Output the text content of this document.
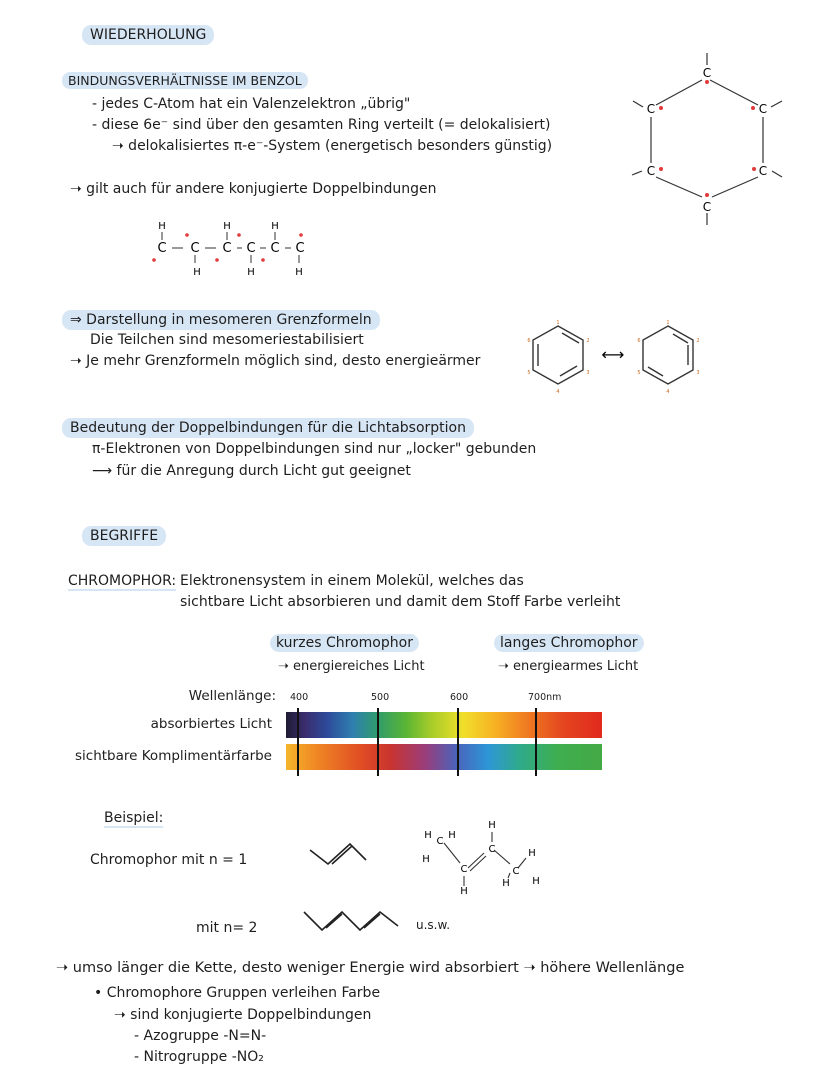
WIEDERHOLUNG
BINDUNGSVERHÄLTNISSE IM BENZOL
- jedes C-Atom hat ein Valenzelektron „übrig"
- diese 6e⁻ sind über den gesamten Ring verteilt (= delokalisiert)
➝ delokalisiertes π-e⁻-System (energetisch besonders günstig)
➝ gilt auch für andere konjugierte Doppelbindungen
C
C	C
C	C
C
H	H	H
C C C C C C
H	H	H
⇒ Darstellung in mesomeren Grenzformeln
Die Teilchen sind mesomeriestabilisiert
➝ Je mehr Grenzformeln möglich sind, desto energieärmer	⟷
1
2
3
4
5
6
1
2
3
4
5
6
Bedeutung der Doppelbindungen für die Lichtabsorption
π-Elektronen von Doppelbindungen sind nur „locker" gebunden
⟶ für die Anregung durch Licht gut geeignet
BEGRIFFE
CHROMOPHOR: Elektronensystem in einem Molekül, welches das
sichtbare Licht absorbieren und damit dem Stoff Farbe verleiht
kurzes Chromophor
➝ energiereiches Licht
langes Chromophor
➝ energiearmes Licht
Wellenlänge:
absorbiertes Licht
sichtbare Komplimentärfarbe
400	500	600	700nm
Beispiel:
Chromophor mit n = 1
mit n= 2	u.s.w.
H H
C
H
C
H
H
C
C
H
H H
➝ umso länger die Kette, desto weniger Energie wird absorbiert ➝ höhere Wellenlänge
• Chromophore Gruppen verleihen Farbe
➝ sind konjugierte Doppelbindungen
- Azogruppe -N=N-
- Nitrogruppe -NO₂
